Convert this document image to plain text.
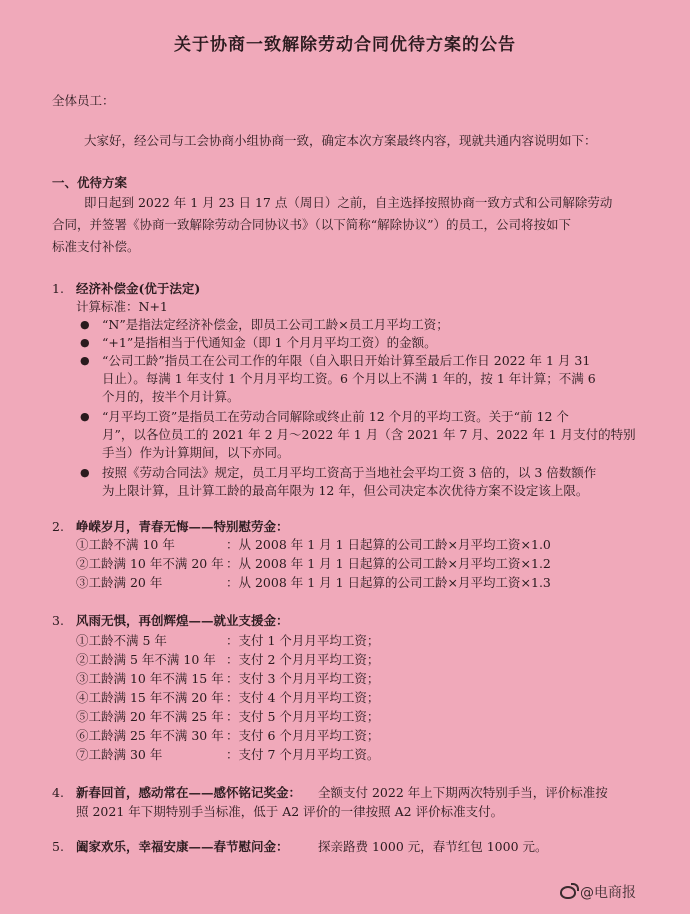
关于协商一致解除劳动合同优待方案的公告
全体员工：
大家好，经公司与工会协商小组协商一致，确定本次方案最终内容，现就共通内容说明如下：
一、优待方案
即日起到 2022 年 1 月 23 日 17 点（周日）之前，自主选择按照协商一致方式和公司解除劳动
合同，并签署《协商一致解除劳动合同协议书》（以下简称“解除协议”）的员工，公司将按如下
标准支付补偿。
1. 经济补偿金(优于法定)
计算标准：N+1
● “N”是指法定经济补偿金，即员工公司工龄×员工月平均工资；
● “+1”是指相当于代通知金（即 1 个月月平均工资）的金额。
● “公司工龄”指员工在公司工作的年限（自入职日开始计算至最后工作日 2022 年 1 月 31
日止）。每满 1 年支付 1 个月月平均工资。6 个月以上不满 1 年的，按 1 年计算；不满 6
个月的，按半个月计算。
● “月平均工资”是指员工在劳动合同解除或终止前 12 个月的平均工资。关于“前 12 个
月”，以各位员工的 2021 年 2 月～2022 年 1 月（含 2021 年 7 月、2022 年 1 月支付的特别
手当）作为计算期间，以下亦同。
● 按照《劳动合同法》规定，员工月平均工资高于当地社会平均工资 3 倍的，以 3 倍数额作
为上限计算，且计算工龄的最高年限为 12 年，但公司决定本次优待方案不设定该上限。
2. 峥嵘岁月，青春无悔——特别慰劳金：
①工龄不满 10 年	：从 2008 年 1 月 1 日起算的公司工龄×月平均工资×1.0
②工龄满 10 年不满 20 年 ：从 2008 年 1 月 1 日起算的公司工龄×月平均工资×1.2
③工龄满 20 年	：从 2008 年 1 月 1 日起算的公司工龄×月平均工资×1.3
3. 风雨无惧，再创辉煌——就业支援金：
①工龄不满 5 年	：支付 1 个月月平均工资；
②工龄满 5 年不满 10 年 ：支付 2 个月月平均工资；
③工龄满 10 年不满 15 年 ：支付 3 个月月平均工资；
④工龄满 15 年不满 20 年 ：支付 4 个月月平均工资；
⑤工龄满 20 年不满 25 年 ：支付 5 个月月平均工资；
⑥工龄满 25 年不满 30 年 ：支付 6 个月月平均工资；
⑦工龄满 30 年	：支付 7 个月月平均工资。
4. 新春回首，感动常在——感怀铭记奖金： 全额支付 2022 年上下期两次特别手当，评价标准按
照 2021 年下期特别手当标准，低于 A2 评价的一律按照 A2 评价标准支付。
5. 阖家欢乐，幸福安康——春节慰问金： 探亲路费 1000 元，春节红包 1000 元。
@电商报
